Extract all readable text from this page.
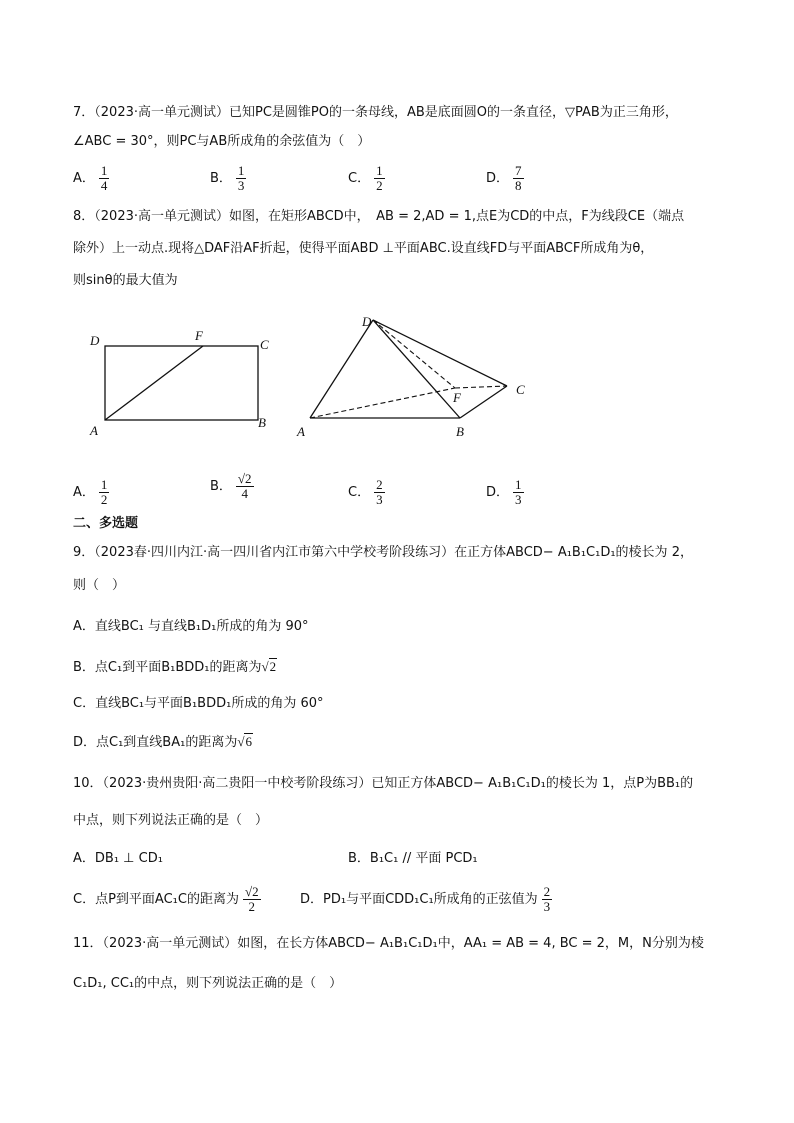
7．（2023·高一单元测试）已知PC是圆锥PO的一条母线，AB是底面圆O的一条直径，▽PAB为正三角形，
∠ABC = 30°，则PC与AB所成角的余弦值为（　）
A． $\frac{1}{4}$	B． $\frac{1}{3}$	C． $\frac{1}{2}$	D． $\frac{7}{8}$
8．（2023·高一单元测试）如图，在矩形ABCD中，　AB = 2,AD = 1,点E为CD的中点，F为线段CE（端点
除外）上一动点.现将△DAF沿AF折起，使得平面ABD ⊥平面ABC.设直线FD与平面ABCF所成角为θ，
则sinθ的最大值为
D	F
C
A
B
D
F
C
A	B
A． $\frac{1}{2}$	B． $\frac{√2}{4}$	C． $\frac{2}{3}$	D． $\frac{1}{3}$
二、多选题
9．（2023春·四川内江·高一四川省内江市第六中学校考阶段练习）在正方体ABCD− A₁B₁C₁D₁的棱长为 2，
则（　）
A．直线BC₁ 与直线B₁D₁所成的角为 90°
B．点C₁到平面B₁BDD₁的距离为√2
C．直线BC₁与平面B₁BDD₁所成的角为 60°
D．点C₁到直线BA₁的距离为√6
10．（2023·贵州贵阳·高二贵阳一中校考阶段练习）已知正方体ABCD− A₁B₁C₁D₁的棱长为 1，点P为BB₁的
中点，则下列说法正确的是（　）
A．DB₁ ⊥ CD₁	B．B₁C₁ // 平面 PCD₁
C．点P到平面AC₁C的距离为 $\frac{√2}{2}$	D．PD₁与平面CDD₁C₁所成角的正弦值为 $\frac{2}{3}$
11．（2023·高一单元测试）如图，在长方体ABCD− A₁B₁C₁D₁中，AA₁ = AB = 4, BC = 2，M，N分别为棱
C₁D₁, CC₁的中点，则下列说法正确的是（　）
